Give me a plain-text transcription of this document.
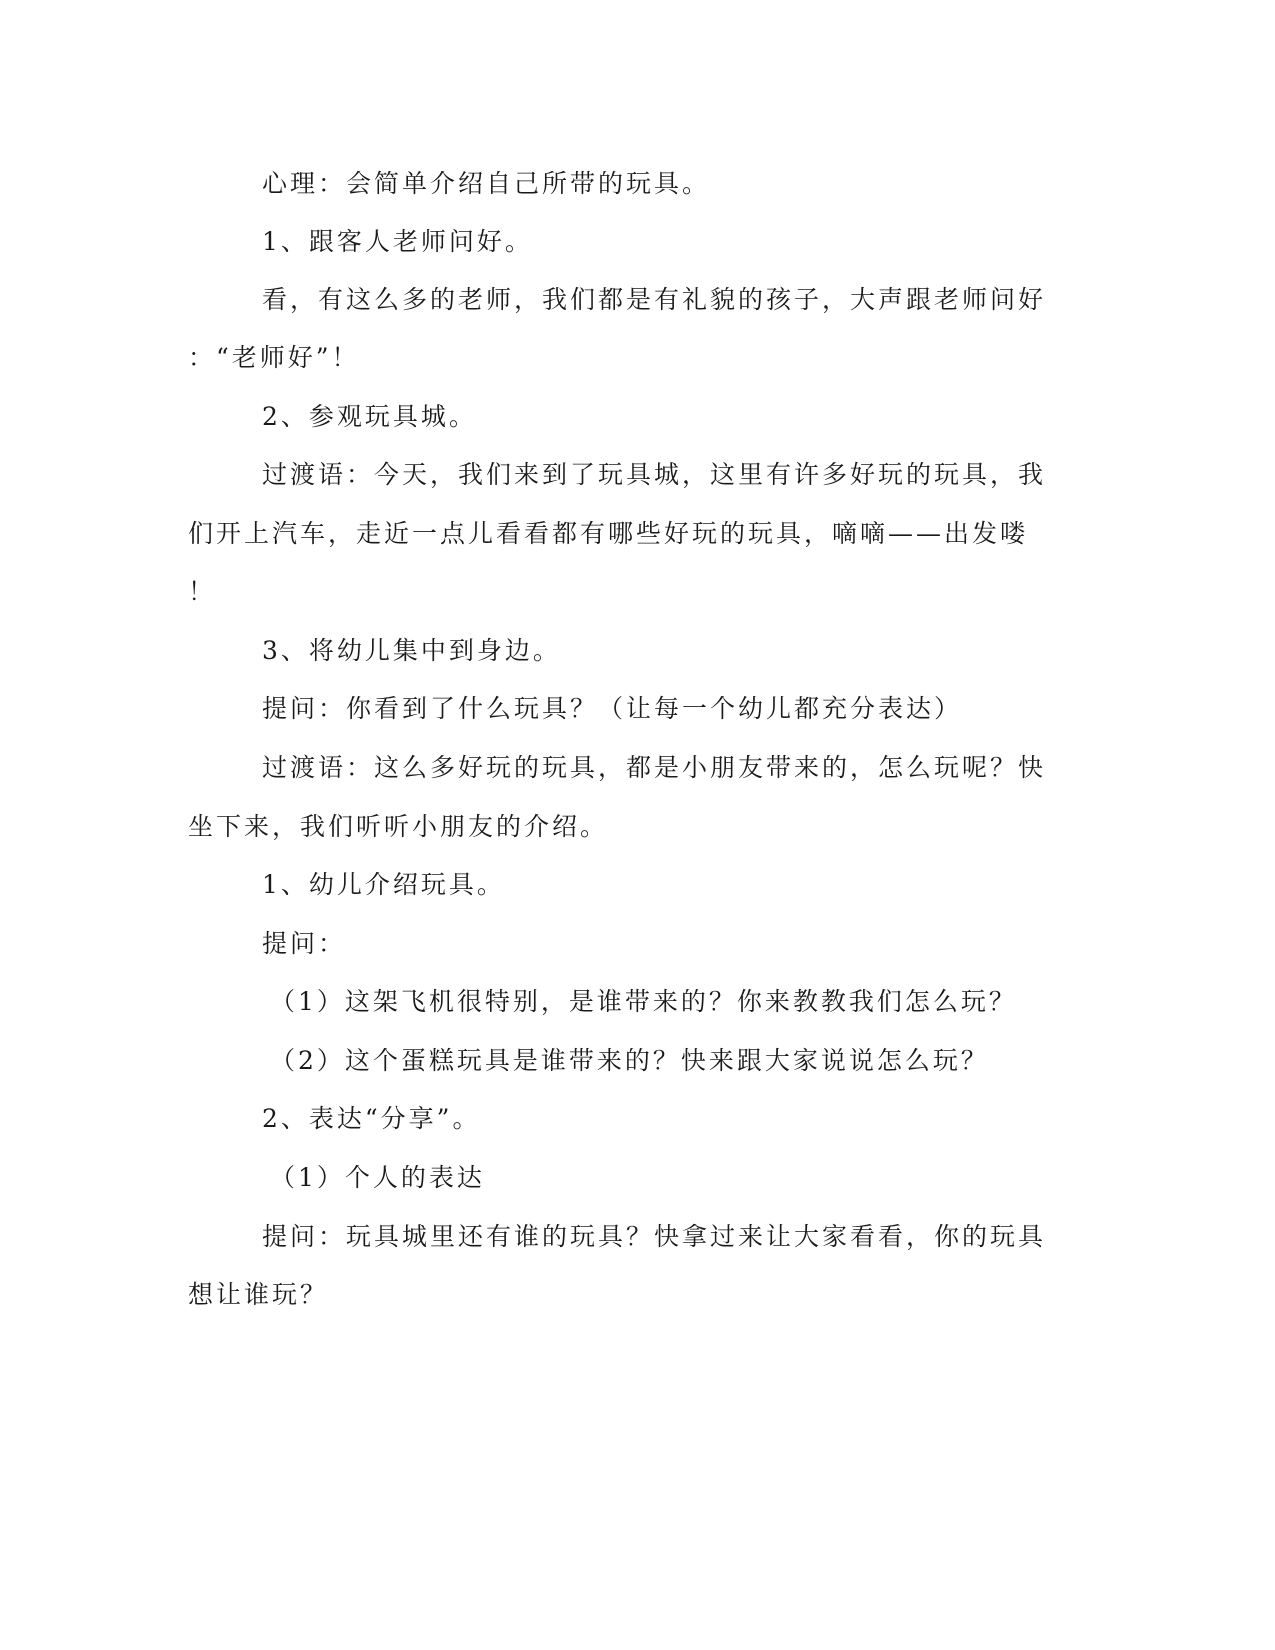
心理：会简单介绍自己所带的玩具。
1、跟客人老师问好。
看，有这么多的老师，我们都是有礼貌的孩子，大声跟老师问好
：“老师好”！
2、参观玩具城。
过渡语：今天，我们来到了玩具城，这里有许多好玩的玩具，我
们开上汽车，走近一点儿看看都有哪些好玩的玩具，嘀嘀——出发喽
！
3、将幼儿集中到身边。
提问：你看到了什么玩具？（让每一个幼儿都充分表达）
过渡语：这么多好玩的玩具，都是小朋友带来的，怎么玩呢？快
坐下来，我们听听小朋友的介绍。
1、幼儿介绍玩具。
提问：
（1）这架飞机很特别，是谁带来的？你来教教我们怎么玩？
（2）这个蛋糕玩具是谁带来的？快来跟大家说说怎么玩？
2、表达“分享”。
（1）个人的表达
提问：玩具城里还有谁的玩具？快拿过来让大家看看，你的玩具
想让谁玩？
